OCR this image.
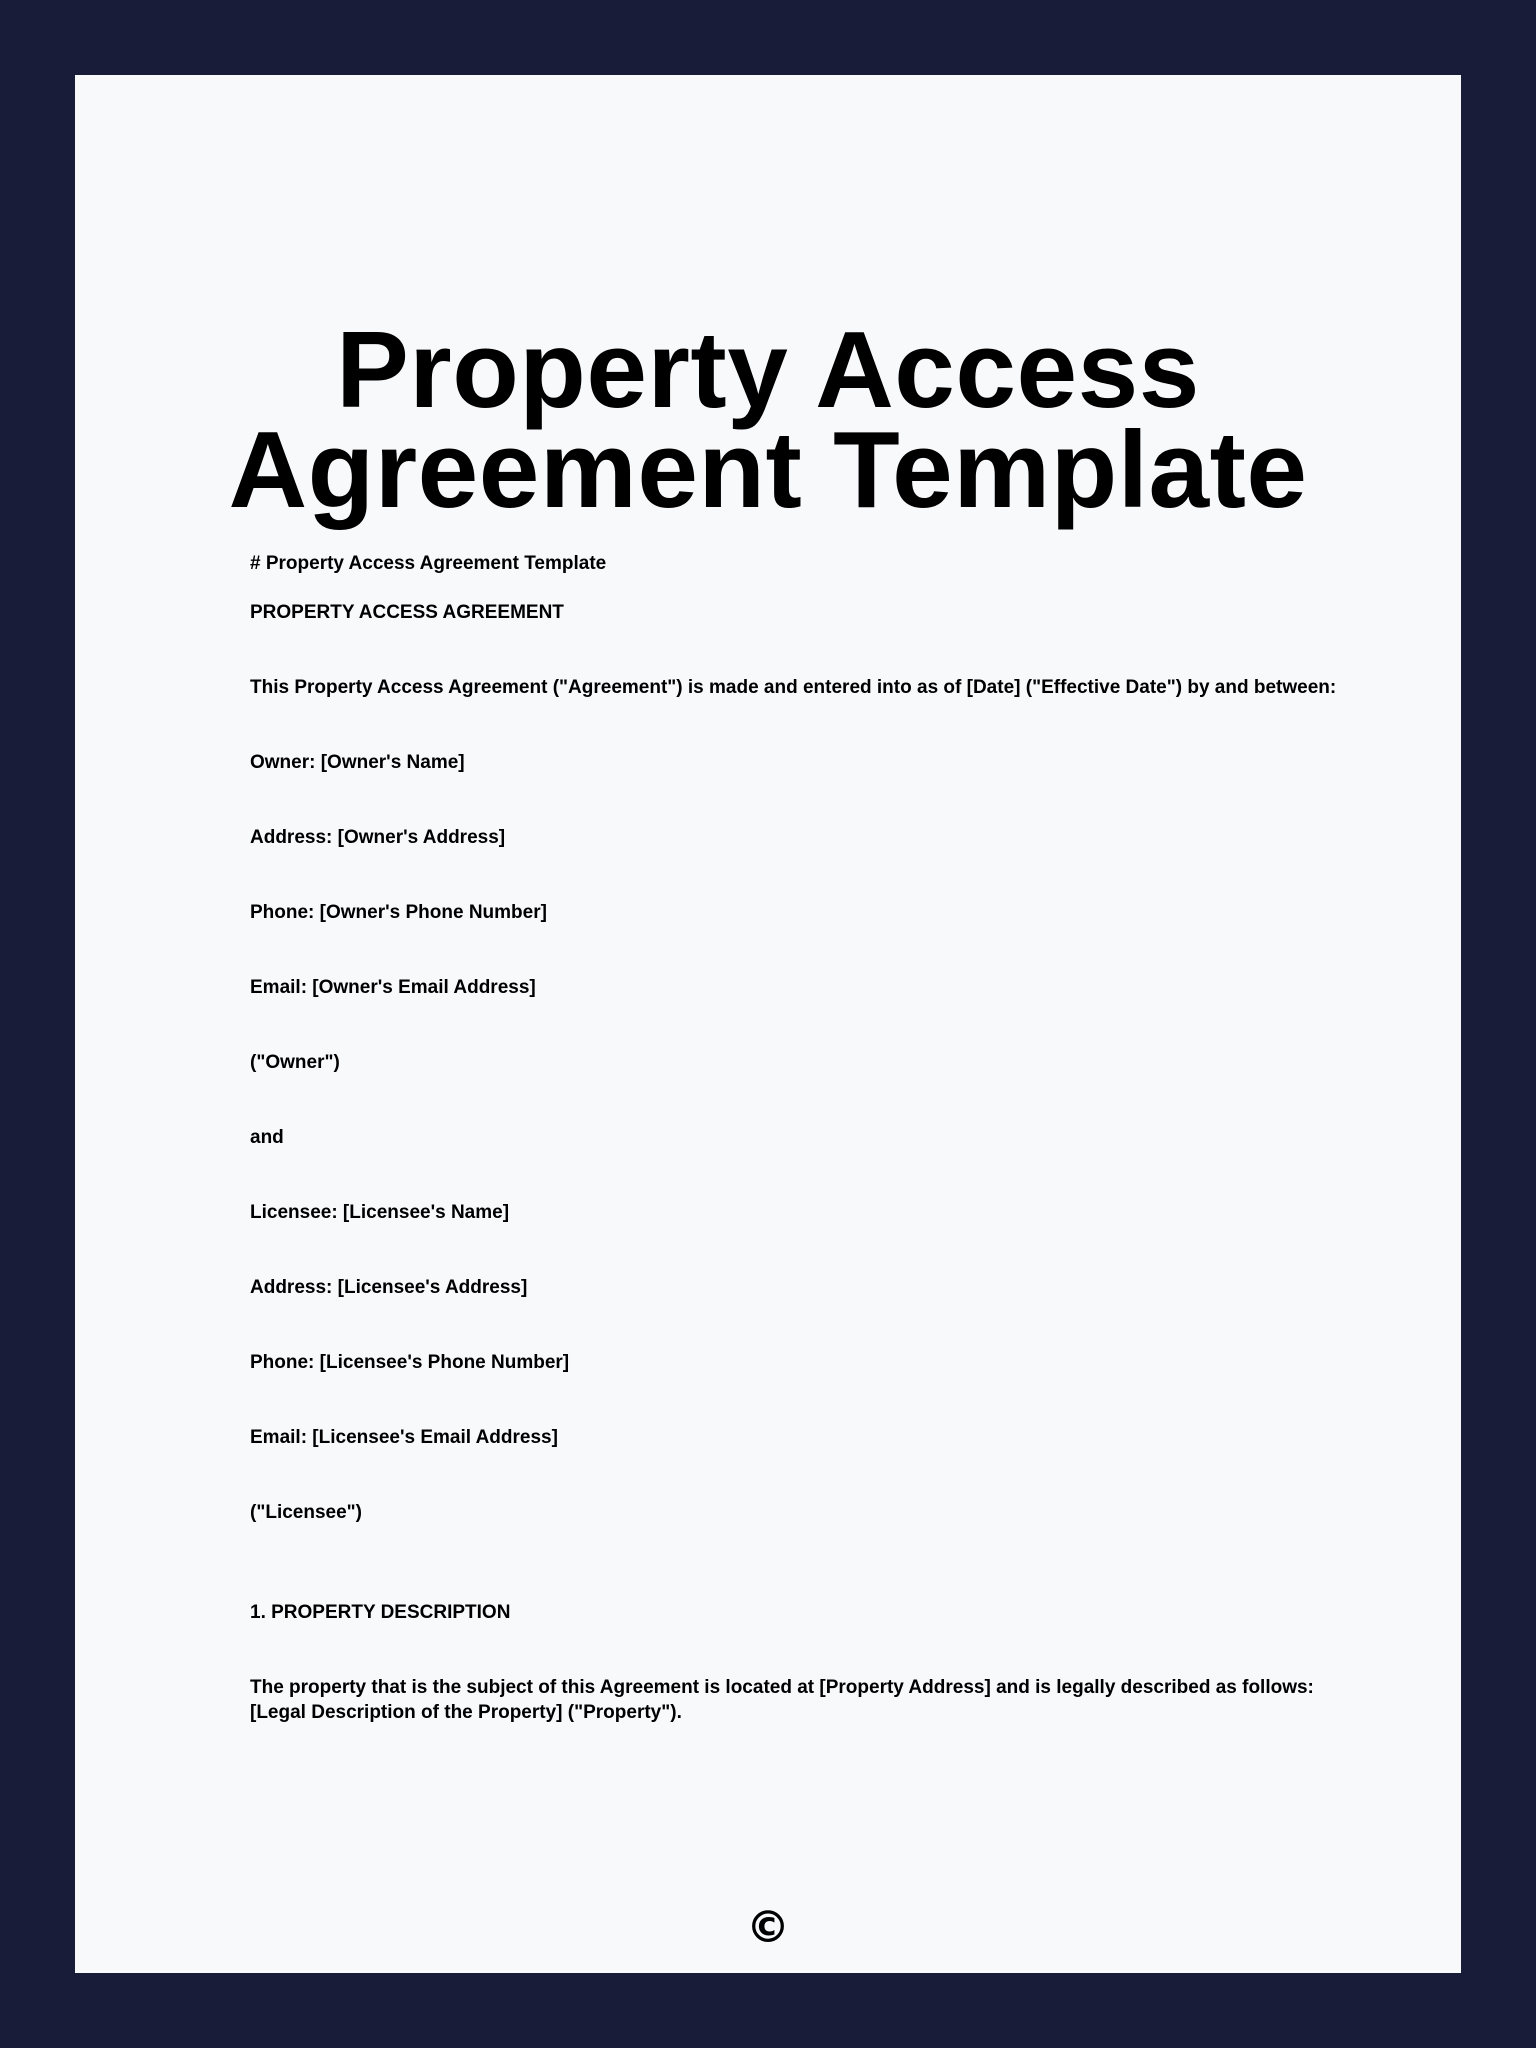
Property Access Agreement Template

# Property Access Agreement Template

PROPERTY ACCESS AGREEMENT

This Property Access Agreement ("Agreement") is made and entered into as of [Date] ("Effective Date") by and between:

Owner: [Owner's Name]

Address: [Owner's Address]

Phone: [Owner's Phone Number]

Email: [Owner's Email Address]

("Owner")

and

Licensee: [Licensee's Name]

Address: [Licensee's Address]

Phone: [Licensee's Phone Number]

Email: [Licensee's Email Address]

("Licensee")

1. PROPERTY DESCRIPTION

The property that is the subject of this Agreement is located at [Property Address] and is legally described as follows: [Legal Description of the Property] ("Property").

©
